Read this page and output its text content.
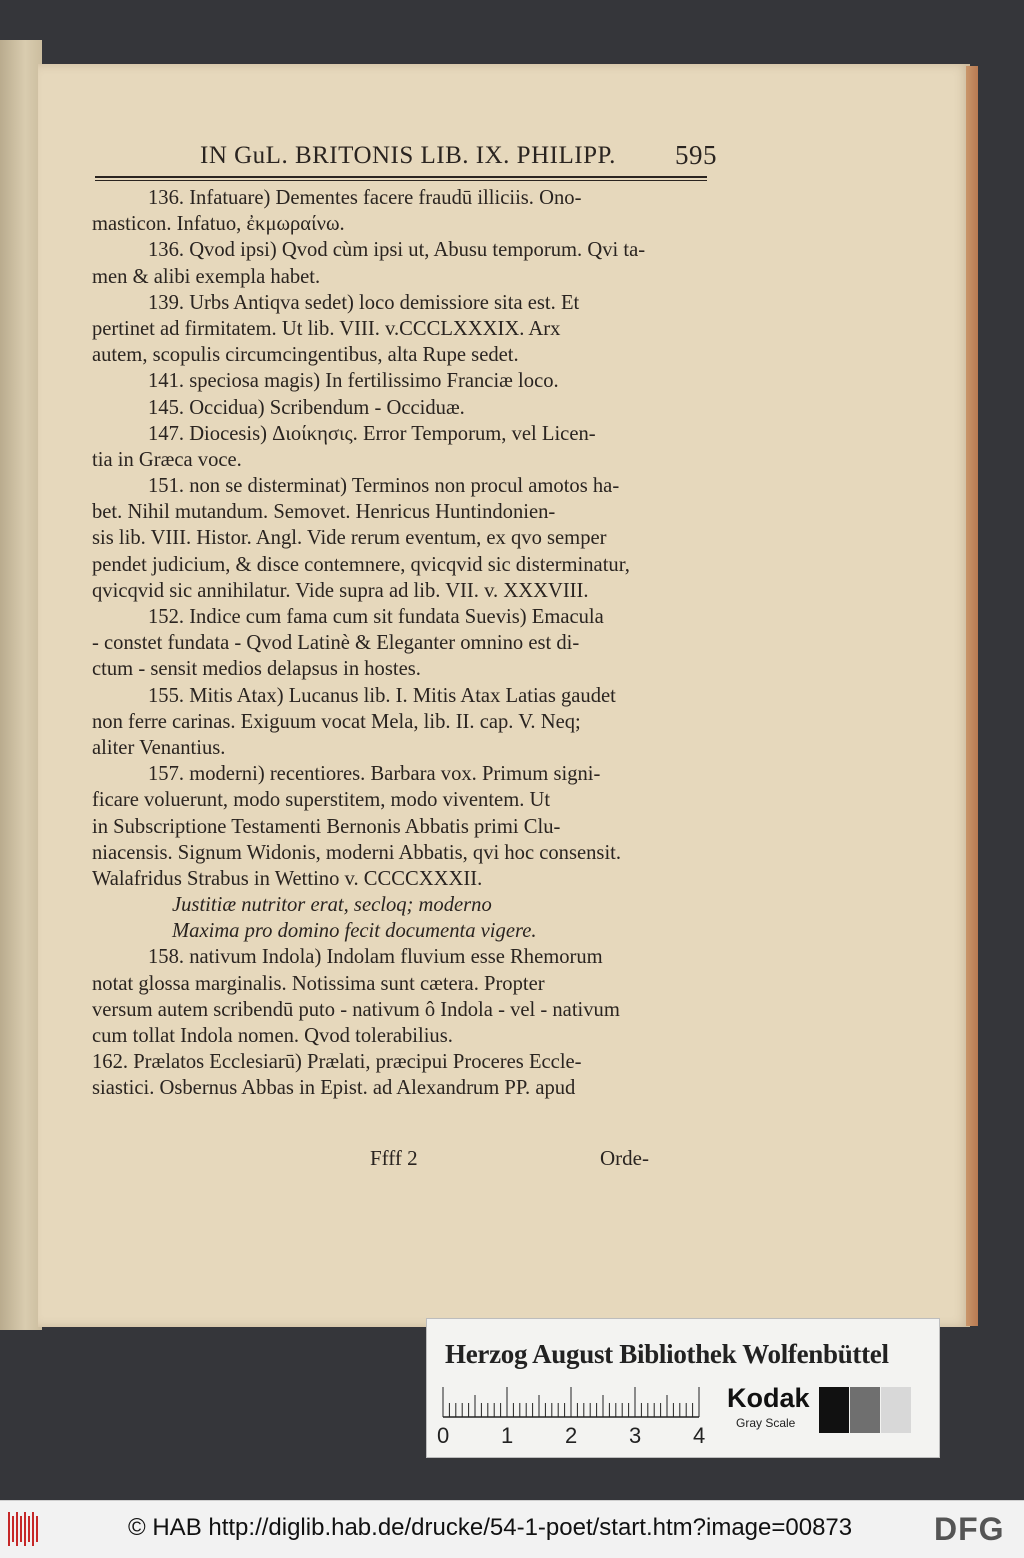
IN GuL. BRITONIS LIB. IX. PHILIPP. 595
136. Infatuare) Dementes facere fraudū illiciis. Ono-
masticon. Infatuo, ἐκμωραίνω.
136. Qvod ipsi) Qvod cùm ipsi ut, Abusu temporum. Qvi ta-
men & alibi exempla habet.
139. Urbs Antiqva sedet) loco demissiore sita est. Et
pertinet ad firmitatem. Ut lib. VIII. v.CCCLXXXIX. Arx
autem, scopulis circumcingentibus, alta Rupe sedet.
141. speciosa magis) In fertilissimo Franciæ loco.
145. Occidua) Scribendum - Occiduæ.
147. Diocesis) Διοίκησις. Error Temporum, vel Licen-
tia in Græca voce.
151. non se disterminat) Terminos non procul amotos ha-
bet. Nihil mutandum. Semovet. Henricus Huntindonien-
sis lib. VIII. Histor. Angl. Vide rerum eventum, ex qvo semper
pendet judicium, & disce contemnere, qvicqvid sic disterminatur,
qvicqvid sic annihilatur. Vide supra ad lib. VII. v. XXXVIII.
152. Indice cum fama cum sit fundata Suevis) Emacula
- constet fundata - Qvod Latinè & Eleganter omnino est di-
ctum - sensit medios delapsus in hostes.
155. Mitis Atax) Lucanus lib. I. Mitis Atax Latias gaudet
non ferre carinas. Exiguum vocat Mela, lib. II. cap. V. Neq;
aliter Venantius.
157. moderni) recentiores. Barbara vox. Primum signi-
ficare voluerunt, modo superstitem, modo viventem. Ut
in Subscriptione Testamenti Bernonis Abbatis primi Clu-
niacensis. Signum Widonis, moderni Abbatis, qvi hoc consensit.
Walafridus Strabus in Wettino v. CCCCXXXII.
Justitiæ nutritor erat, secloq; moderno
Maxima pro domino fecit documenta vigere.
158. nativum Indola) Indolam fluvium esse Rhemorum
notat glossa marginalis. Notissima sunt cætera. Propter
versum autem scribendū puto - nativum ô Indola - vel - nativum
cum tollat Indola nomen. Qvod tolerabilius.
162. Prælatos Ecclesiarū) Prælati, præcipui Proceres Eccle-
siastici. Osbernus Abbas in Epist. ad Alexandrum PP. apud
Ffff 2	Orde-
Herzog August Bibliothek Wolfenbüttel
0 1 2 3 4
Kodak
Gray Scale
© HAB http://diglib.hab.de/drucke/54-1-poet/start.htm?image=00873	DFG
